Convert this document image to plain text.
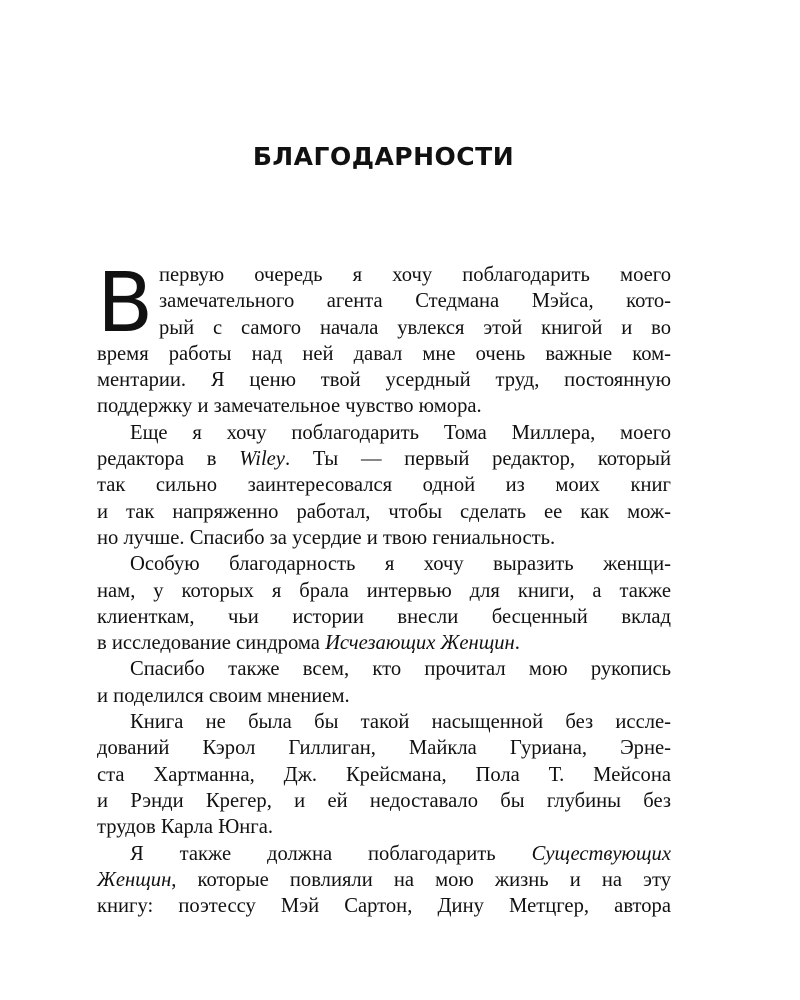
БЛАГОДАРНОСТИ
В первую очередь я хочу поблагодарить моего
замечательного агента Стедмана Мэйса, кото-
рый с самого начала увлекся этой книгой и во
время работы над ней давал мне очень важные ком-
ментарии. Я ценю твой усердный труд, постоянную
поддержку и замечательное чувство юмора.
Еще я хочу поблагодарить Тома Миллера, моего
редактора в Wiley. Ты — первый редактор, который
так сильно заинтересовался одной из моих книг
и так напряженно работал, чтобы сделать ее как мож-
но лучше. Спасибо за усердие и твою гениальность.
Особую благодарность я хочу выразить женщи-
нам, у которых я брала интервью для книги, а также
клиенткам, чьи истории внесли бесценный вклад
в исследование синдрома Исчезающих Женщин.
Спасибо также всем, кто прочитал мою рукопись
и поделился своим мнением.
Книга не была бы такой насыщенной без иссле-
дований Кэрол Гиллиган, Майкла Гуриана, Эрне-
ста Хартманна, Дж. Крейсмана, Пола Т. Мейсона
и Рэнди Крегер, и ей недоставало бы глубины без
трудов Карла Юнга.
Я также должна поблагодарить Существующих
Женщин, которые повлияли на мою жизнь и на эту
книгу: поэтессу Мэй Сартон, Дину Метцгер, автора
